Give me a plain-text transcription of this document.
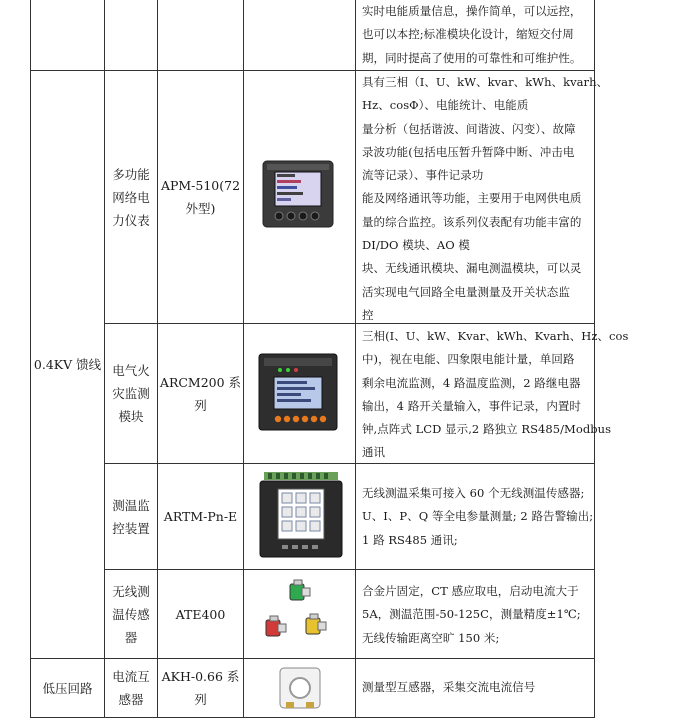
实时电能质量信息，操作简单，可以远控，
也可以本控;标准模块化设计，缩短交付周
期，同时提高了使用的可靠性和可维护性。
0.4KV 馈线
低压回路
多功能
网络电
力仪表
APM-510(72
外型)
具有三相（I、U、kW、kvar、kWh、kvarh、
Hz、cosΦ）、电能统计、电能质
量分析（包括谐波、间谐波、闪变）、故障
录波功能(包括电压暂升暂降中断、冲击电
流等记录）、事件记录功
能及网络通讯等功能，主要用于电网供电质
量的综合监控。该系列仪表配有功能丰富的
DI/DO 模块、AO 模
块、无线通讯模块、漏电测温模块，可以灵
活实现电气回路全电量测量及开关状态监
控
电气火
灾监测
模块
ARCM200 系列
三相(I、U、kW、Kvar、kWh、Kvarh、Hz、cos
中)，视在电能、四象限电能计量，单回路
剩余电流监测，4 路温度监测，2 路继电器
输出，4 路开关量输入，事件记录，内置时
钟,点阵式 LCD 显示,2 路独立 RS485/Modbus
通讯
测温监
控装置
ARTM-Pn-E
无线测温采集可接入 60 个无线测温传感器;
U、I、P、Q 等全电参量测量; 2 路告警输出;
1 路 RS485 通讯;
无线测
温传感
器
ATE400
合金片固定，CT 感应取电，启动电流大于
5A，测温范围-50-125C，测量精度±1℃;
无线传输距离空旷 150 米;
电流互
感器
AKH-0.66 系
列
测量型互感器，采集交流电流信号
